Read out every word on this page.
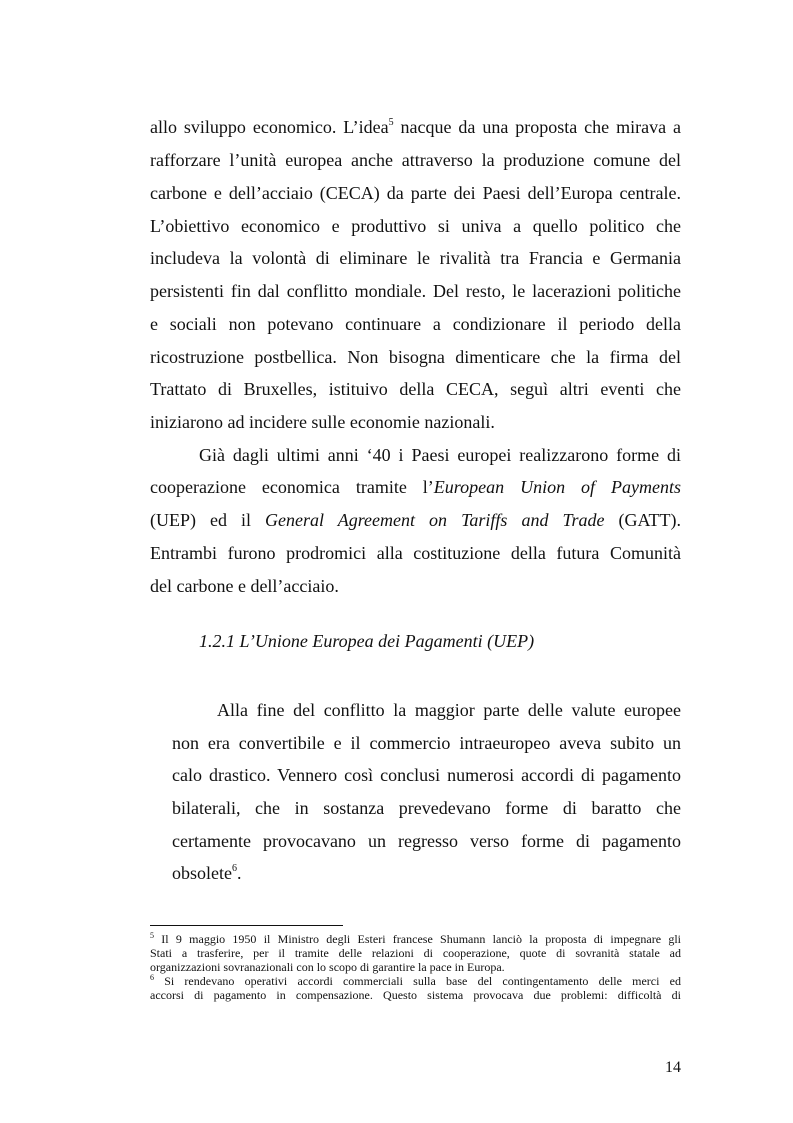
allo sviluppo economico. L’idea$^5$ nacque da una proposta che mirava a
rafforzare l’unità europea anche attraverso la produzione comune del
carbone e dell’acciaio (CECA) da parte dei Paesi dell’Europa centrale.
L’obiettivo economico e produttivo si univa a quello politico che
includeva la volontà di eliminare le rivalità tra Francia e Germania
persistenti fin dal conflitto mondiale. Del resto, le lacerazioni politiche
e sociali non potevano continuare a condizionare il periodo della
ricostruzione postbellica. Non bisogna dimenticare che la firma del
Trattato di Bruxelles, istituivo della CECA, seguì altri eventi che
iniziarono ad incidere sulle economie nazionali.
Già dagli ultimi anni ‘40 i Paesi europei realizzarono forme di
cooperazione economica tramite l’European Union of Payments
(UEP) ed il General Agreement on Tariffs and Trade (GATT).
Entrambi furono prodromici alla costituzione della futura Comunità
del carbone e dell’acciaio.
1.2.1 L’Unione Europea dei Pagamenti (UEP)
Alla fine del conflitto la maggior parte delle valute europee
non era convertibile e il commercio intraeuropeo aveva subito un
calo drastico. Vennero così conclusi numerosi accordi di pagamento
bilaterali, che in sostanza prevedevano forme di baratto che
certamente provocavano un regresso verso forme di pagamento
obsolete$^6$.
$^5$ Il 9 maggio 1950 il Ministro degli Esteri francese Shumann lanciò la proposta di impegnare gli
Stati a trasferire, per il tramite delle relazioni di cooperazione, quote di sovranità statale ad
organizzazioni sovranazionali con lo scopo di garantire la pace in Europa.
$^6$ Si rendevano operativi accordi commerciali sulla base del contingentamento delle merci ed
accorsi di pagamento in compensazione. Questo sistema provocava due problemi: difficoltà di
14
